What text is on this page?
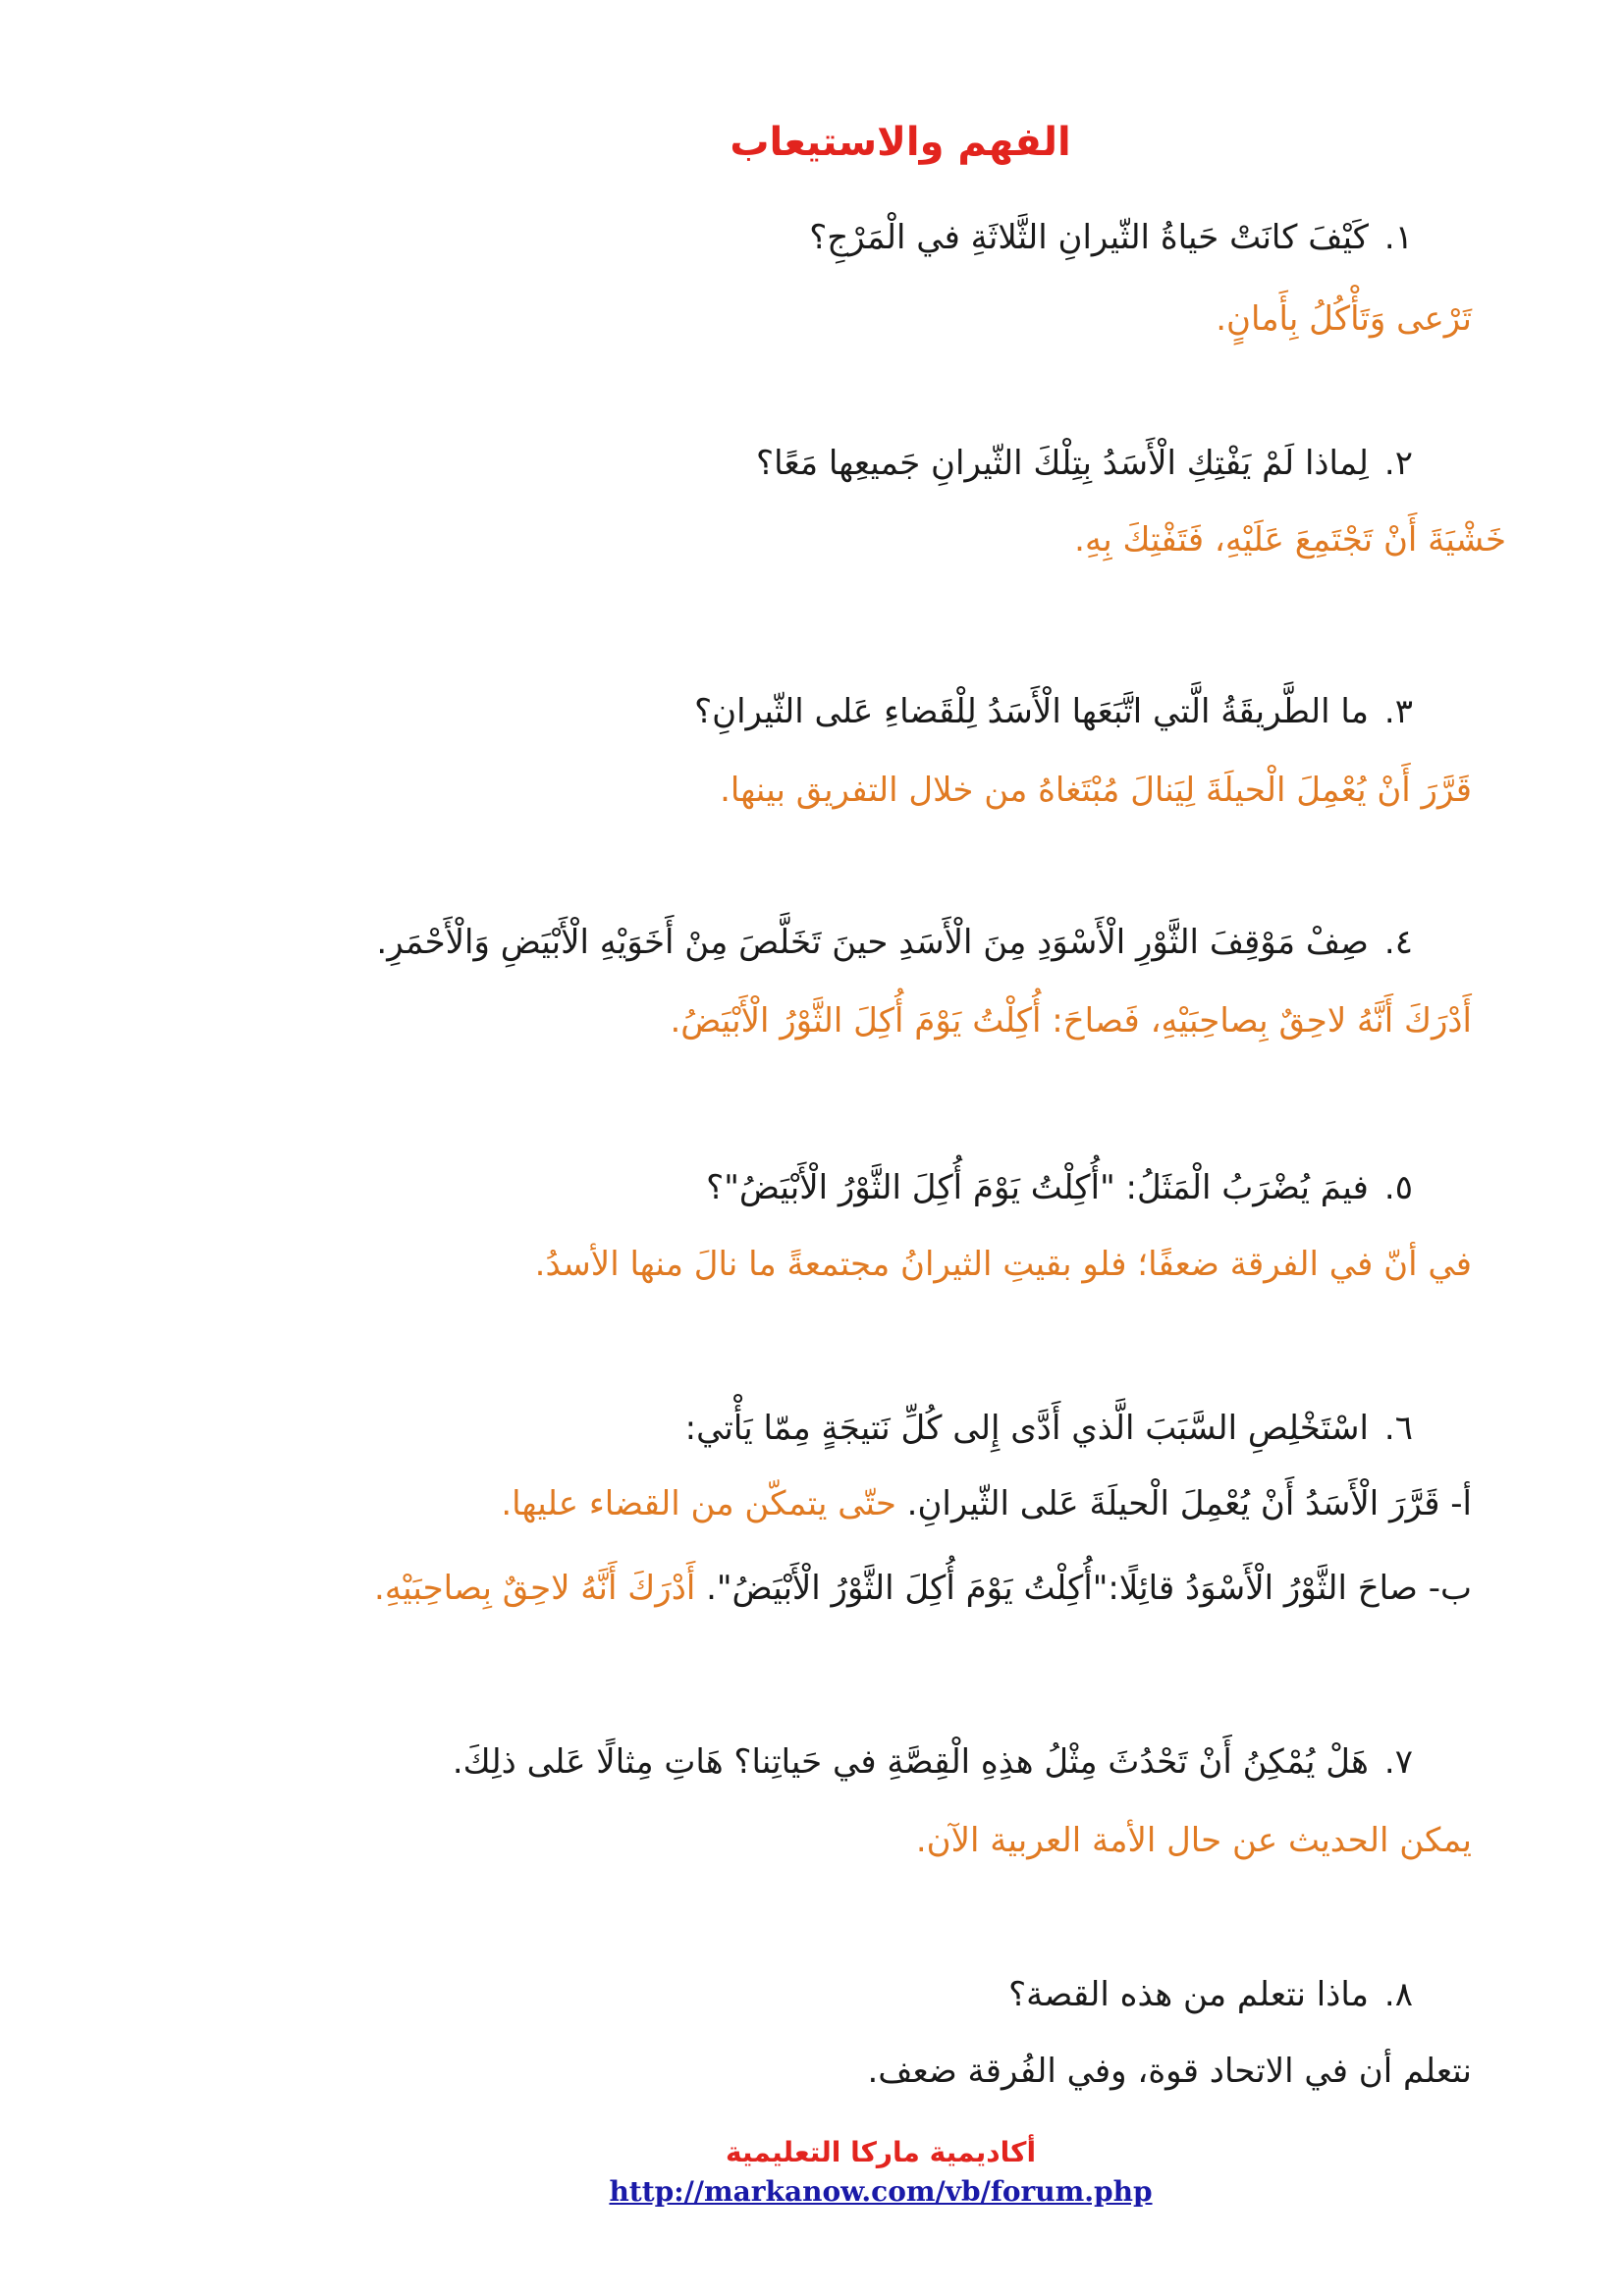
الفهم والاستيعاب
١.كَيْفَ كانَتْ حَياةُ الثّيرانِ الثَّلاثَةِ في الْمَرْجِ؟
تَرْعى وَتَأْكُلُ بِأَمانٍ.
٢.لِماذا لَمْ يَفْتِكِ الْأَسَدُ بِتِلْكَ الثّيرانِ جَميعِها مَعًا؟
خَشْيَةَ أَنْ تَجْتَمِعَ عَلَيْهِ، فَتَفْتِكَ بِهِ.
٣.ما الطَّريقَةُ الَّتي اتَّبَعَها الْأَسَدُ لِلْقَضاءِ عَلى الثّيرانِ؟
قَرَّرَ أَنْ يُعْمِلَ الْحيلَةَ لِيَنالَ مُبْتَغاهُ من خلال التفريق بينها.
٤.صِفْ مَوْقِفَ الثَّوْرِ الْأَسْوَدِ مِنَ الْأَسَدِ حينَ تَخَلَّصَ مِنْ أَخَوَيْهِ الْأَبْيَضِ وَالْأَحْمَرِ.
أَدْرَكَ أَنَّهُ لاحِقٌ بِصاحِبَيْهِ، فَصاحَ: أُكِلْتُ يَوْمَ أُكِلَ الثَّوْرُ الْأَبْيَضُ.
٥.فيمَ يُضْرَبُ الْمَثَلُ: "أُكِلْتُ يَوْمَ أُكِلَ الثَّوْرُ الْأَبْيَضُ"؟
في أنّ في الفرقة ضعفًا؛ فلو بقيتِ الثيرانُ مجتمعةً ما نالَ منها الأسدُ.
٦.اسْتَخْلِصِ السَّبَبَ الَّذي أَدَّى إِلى كُلِّ نَتيجَةٍ مِمّا يَأْتي:
أ- قَرَّرَ الْأَسَدُ أَنْ يُعْمِلَ الْحيلَةَ عَلى الثّيرانِ. حتّى يتمكّن من القضاء عليها.
ب- صاحَ الثَّوْرُ الْأَسْوَدُ قائِلًا:"أُكِلْتُ يَوْمَ أُكِلَ الثَّوْرُ الْأَبْيَضُ". أَدْرَكَ أَنَّهُ لاحِقٌ بِصاحِبَيْهِ.
٧.هَلْ يُمْكِنُ أَنْ تَحْدُثَ مِثْلُ هذِهِ الْقِصَّةِ في حَياتِنا؟ هَاتِ مِثالًا عَلى ذلِكَ.
يمكن الحديث عن حال الأمة العربية الآن.
٨.ماذا نتعلم من هذه القصة؟
نتعلم أن في الاتحاد قوة، وفي الفُرقة ضعف.
أكاديمية ماركا التعليمية
http://markanow.com/vb/forum.php
